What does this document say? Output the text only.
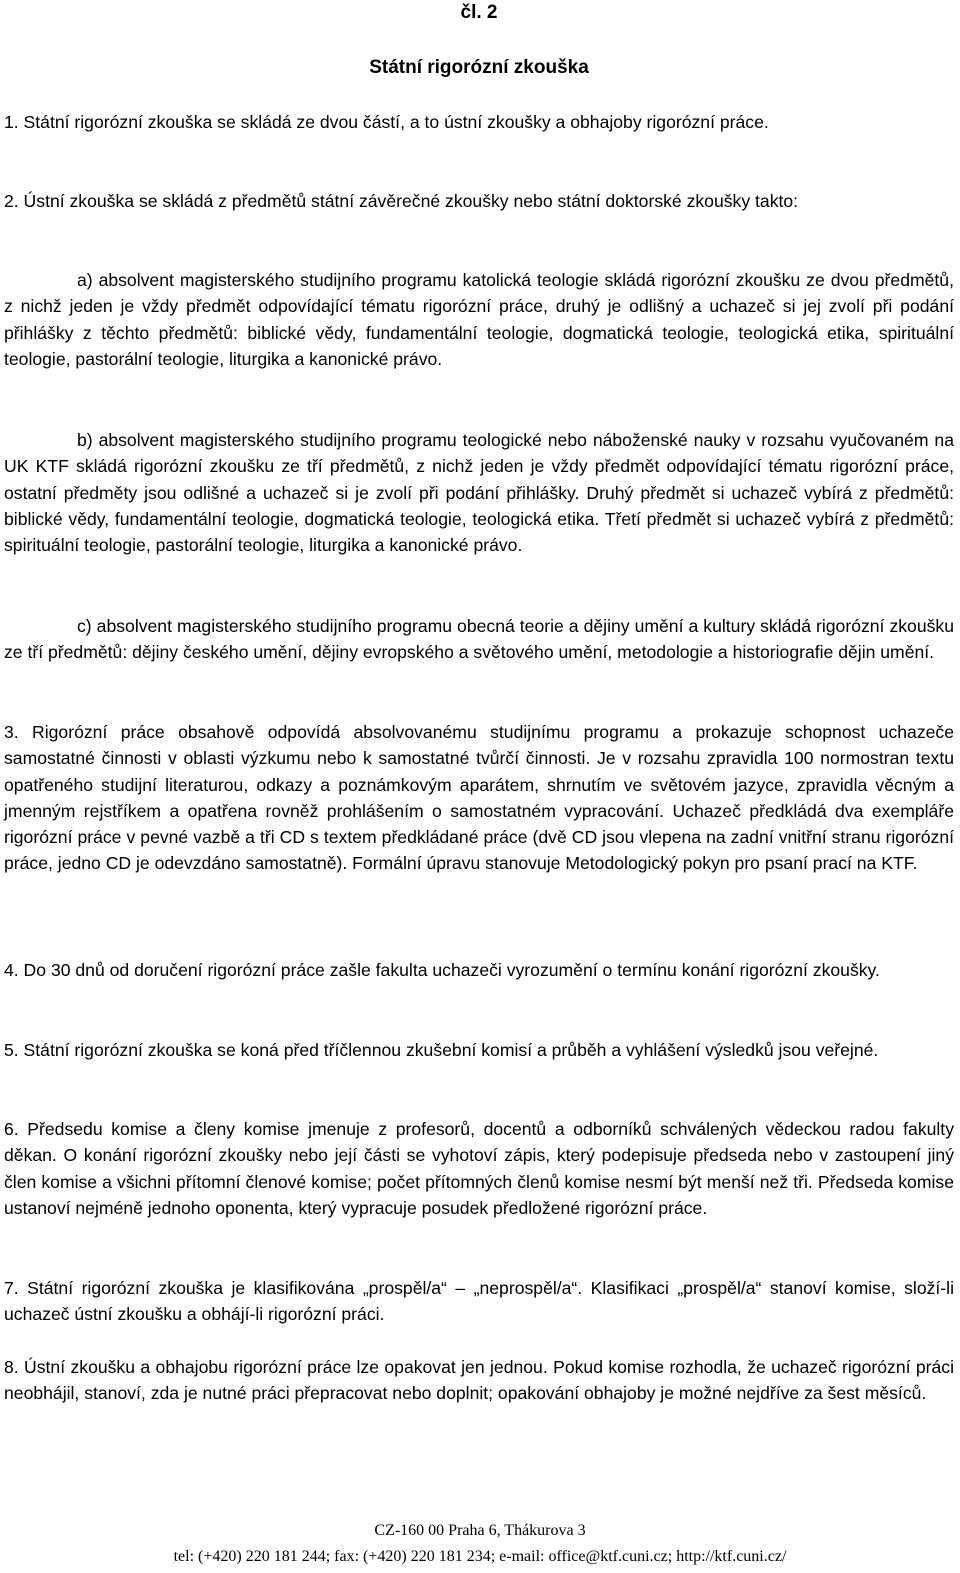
čl. 2
Státní rigorózní zkouška

1. Státní rigorózní zkouška se skládá ze dvou částí, a to ústní zkoušky a obhajoby rigorózní práce.

2. Ústní zkouška se skládá z předmětů státní závěrečné zkoušky nebo státní doktorské zkoušky takto:

a) absolvent magisterského studijního programu katolická teologie skládá rigorózní zkoušku ze dvou předmětů, z nichž jeden je vždy předmět odpovídající tématu rigorózní práce, druhý je odlišný a uchazeč si jej zvolí při podání přihlášky z těchto předmětů: biblické vědy, fundamentální teologie, dogmatická teologie, teologická etika, spirituální teologie, pastorální teologie, liturgika a kanonické právo.

b) absolvent magisterského studijního programu teologické nebo náboženské nauky v rozsahu vyučovaném na UK KTF skládá rigorózní zkoušku ze tří předmětů, z nichž jeden je vždy předmět odpovídající tématu rigorózní práce, ostatní předměty jsou odlišné a uchazeč si je zvolí při podání přihlášky. Druhý předmět si uchazeč vybírá z předmětů: biblické vědy, fundamentální teologie, dogmatická teologie, teologická etika. Třetí předmět si uchazeč vybírá z předmětů: spirituální teologie, pastorální teologie, liturgika a kanonické právo.

c) absolvent magisterského studijního programu obecná teorie a dějiny umění a kultury skládá rigorózní zkoušku ze tří předmětů: dějiny českého umění, dějiny evropského a světového umění, metodologie a historiografie dějin umění.

3. Rigorózní práce obsahově odpovídá absolvovanému studijnímu programu a prokazuje schopnost uchazeče samostatné činnosti v oblasti výzkumu nebo k samostatné tvůrčí činnosti. Je v rozsahu zpravidla 100 normostran textu opatřeného studijní literaturou, odkazy a poznámkovým aparátem, shrnutím ve světovém jazyce, zpravidla věcným a jmenným rejstříkem a opatřena rovněž prohlášením o samostatném vypracování. Uchazeč předkládá dva exempláře rigorózní práce v pevné vazbě a tři CD s textem předkládané práce (dvě CD jsou vlepena na zadní vnitřní stranu rigorózní práce, jedno CD je odevzdáno samostatně). Formální úpravu stanovuje Metodologický pokyn pro psaní prací na KTF.

4. Do 30 dnů od doručení rigorózní práce zašle fakulta uchazeči vyrozumění o termínu konání rigorózní zkoušky.

5. Státní rigorózní zkouška se koná před tříčlennou zkušební komisí a průběh a vyhlášení výsledků jsou veřejné.

6. Předsedu komise a členy komise jmenuje z profesorů, docentů a odborníků schválených vědeckou radou fakulty děkan. O konání rigorózní zkoušky nebo její části se vyhotoví zápis, který podepisuje předseda nebo v zastoupení jiný člen komise a všichni přítomní členové komise; počet přítomných členů komise nesmí být menší než tři. Předseda komise ustanoví nejméně jednoho oponenta, který vypracuje posudek předložené rigorózní práce.

7. Státní rigorózní zkouška je klasifikována „prospěl/a“ – „neprospěl/a“. Klasifikaci „prospěl/a“ stanoví komise, složí-li uchazeč ústní zkoušku a obhájí-li rigorózní práci.

8. Ústní zkoušku a obhajobu rigorózní práce lze opakovat jen jednou. Pokud komise rozhodla, že uchazeč rigorózní práci neobhájil, stanoví, zda je nutné práci přepracovat nebo doplnit; opakování obhajoby je možné nejdříve za šest měsíců.

CZ-160 00 Praha 6, Thákurova 3
tel: (+420) 220 181 244; fax: (+420) 220 181 234; e-mail: office@ktf.cuni.cz; http://ktf.cuni.cz/
